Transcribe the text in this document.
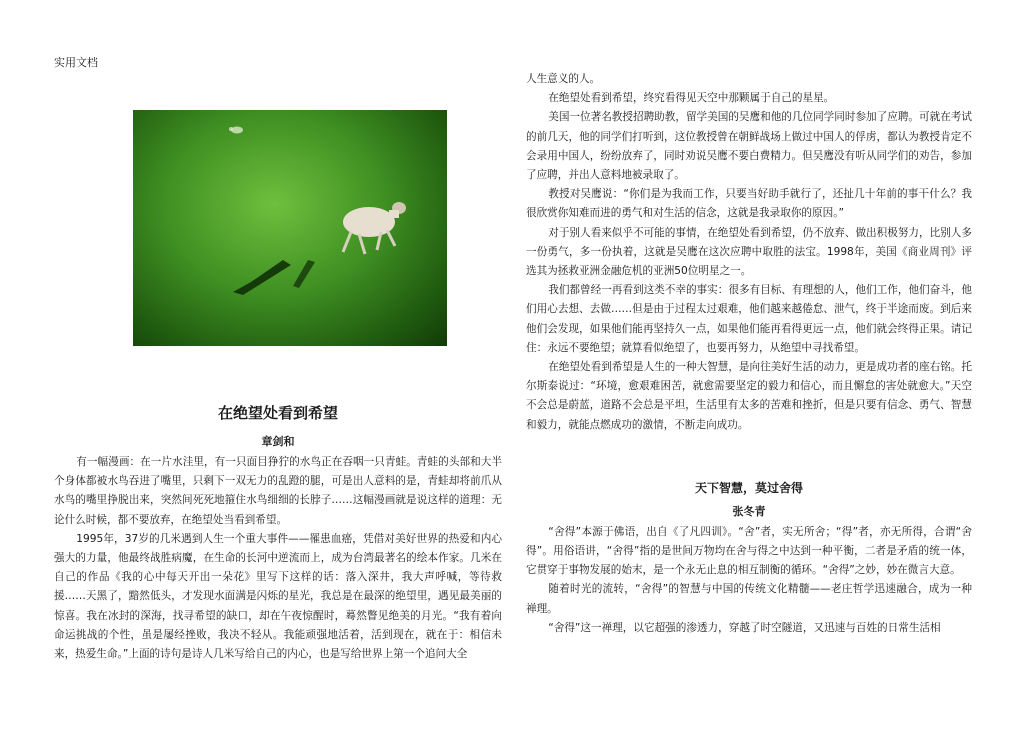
实用文档
在绝望处看到希望
章剑和

有一幅漫画：在一片水洼里，有一只面目狰狞的水鸟正在吞咽一只青蛙。青蛙的头部和大半个身体都被水鸟吞进了嘴里，只剩下一双无力的乱蹬的腿，可是出人意料的是，青蛙却将前爪从水鸟的嘴里挣脱出来，突然间死死地箍住水鸟细细的长脖子……这幅漫画就是说这样的道理：无论什么时候，都不要放弃，在绝望处当看到希望。

1995年，37岁的几米遇到人生一个重大事件——罹患血癌，凭借对美好世界的热爱和内心强大的力量，他最终战胜病魔，在生命的长河中逆流而上，成为台湾最著名的绘本作家。几米在自己的作品《我的心中每天开出一朵花》里写下这样的话：落入深井，我大声呼喊，等待救援……天黑了，黯然低头，才发现水面满是闪烁的星光，我总是在最深的绝望里，遇见最美丽的惊喜。我在冰封的深海，找寻希望的缺口，却在午夜惊醒时，蓦然瞥见绝美的月光。“我有着向命运挑战的个性，虽是屡经挫败，我决不轻从。我能顽强地活着，活到现在，就在于：相信未来，热爱生命。”上面的诗句是诗人几米写给自己的内心，也是写给世界上第一个追问大全

人生意义的人。

在绝望处看到希望，终究看得见天空中那颗属于自己的星星。

美国一位著名教授招聘助教，留学美国的吴鹰和他的几位同学同时参加了应聘。可就在考试的前几天，他的同学们打听到，这位教授曾在朝鲜战场上做过中国人的俘虏，都认为教授肯定不会录用中国人，纷纷放弃了，同时劝说吴鹰不要白费精力。但吴鹰没有听从同学们的劝告，参加了应聘，并出人意料地被录取了。

教授对吴鹰说：“你们是为我而工作，只要当好助手就行了，还扯几十年前的事干什么？我很欣赏你知难而进的勇气和对生活的信念，这就是我录取你的原因。”

对于别人看来似乎不可能的事情，在绝望处看到希望，仍不放弃、做出积极努力，比别人多一份勇气，多一份执着，这就是吴鹰在这次应聘中取胜的法宝。1998年，美国《商业周刊》评选其为拯救亚洲金融危机的亚洲50位明星之一。

我们都曾经一再看到这类不幸的事实：很多有目标、有理想的人，他们工作，他们奋斗，他们用心去想、去做……但是由于过程太过艰难，他们越来越倦怠、泄气，终于半途而废。到后来他们会发现，如果他们能再坚持久一点，如果他们能再看得更远一点，他们就会终得正果。请记住：永远不要绝望；就算看似绝望了，也要再努力，从绝望中寻找希望。

在绝望处看到希望是人生的一种大智慧，是向往美好生活的动力，更是成功者的座右铭。托尔斯泰说过：“环境，愈艰难困苦，就愈需要坚定的毅力和信心，而且懈怠的害处就愈大。”天空不会总是蔚蓝，道路不会总是平坦，生活里有太多的苦难和挫折，但是只要有信念、勇气、智慧和毅力，就能点燃成功的激情，不断走向成功。

天下智慧，莫过舍得
张冬青

“舍得”本源于佛语，出自《了凡四训》。“舍”者，实无所舍；“得”者，亦无所得，合谓“舍得”。用俗语讲，“舍得”指的是世间万物均在舍与得之中达到一种平衡，二者是矛盾的统一体，它贯穿于事物发展的始末，是一个永无止息的相互制衡的循环。“舍得”之妙，妙在微言大意。

随着时光的流转，“舍得”的智慧与中国的传统文化精髓——老庄哲学迅速融合，成为一种禅理。

“舍得”这一禅理，以它超强的渗透力，穿越了时空隧道，又迅速与百姓的日常生活相
